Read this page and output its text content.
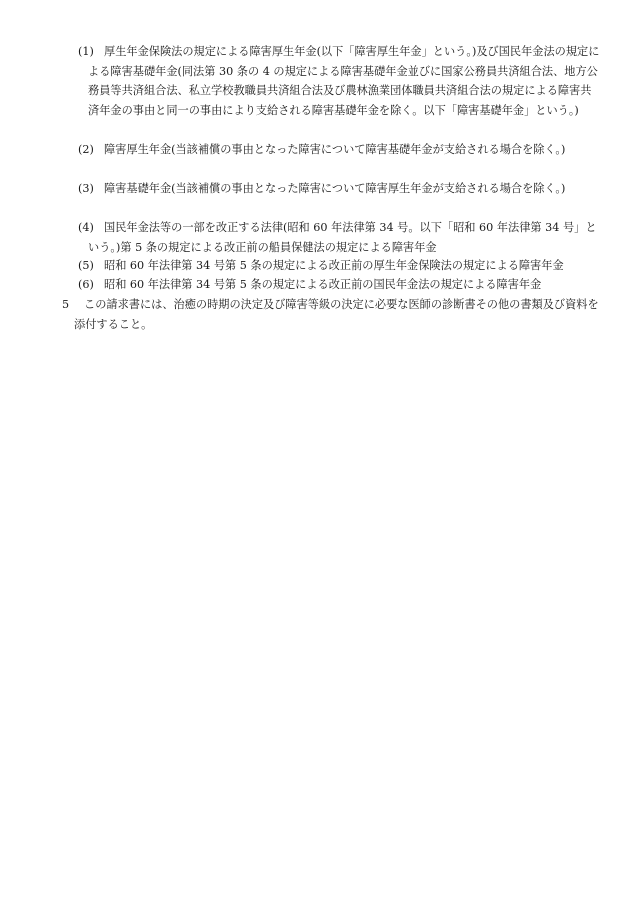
(1) 厚生年金保険法の規定による障害厚生年金(以下「障害厚生年金」という。)及び国民年金法の規定による障害基礎年金(同法第 30 条の 4 の規定による障害基礎年金並びに国家公務員共済組合法、地方公務員等共済組合法、私立学校教職員共済組合法及び農林漁業団体職員共済組合法の規定による障害共済年金の事由と同一の事由により支給される障害基礎年金を除く。以下「障害基礎年金」という。)
(2) 障害厚生年金(当該補償の事由となった障害について障害基礎年金が支給される場合を除く。)
(3) 障害基礎年金(当該補償の事由となった障害について障害厚生年金が支給される場合を除く。)
(4) 国民年金法等の一部を改正する法律(昭和 60 年法律第 34 号。以下「昭和 60 年法律第 34 号」という。)第 5 条の規定による改正前の船員保健法の規定による障害年金
(5) 昭和 60 年法律第 34 号第 5 条の規定による改正前の厚生年金保険法の規定による障害年金
(6) 昭和 60 年法律第 34 号第 5 条の規定による改正前の国民年金法の規定による障害年金
5 この請求書には、治癒の時期の決定及び障害等級の決定に必要な医師の診断書その他の書類及び資料を添付すること。
